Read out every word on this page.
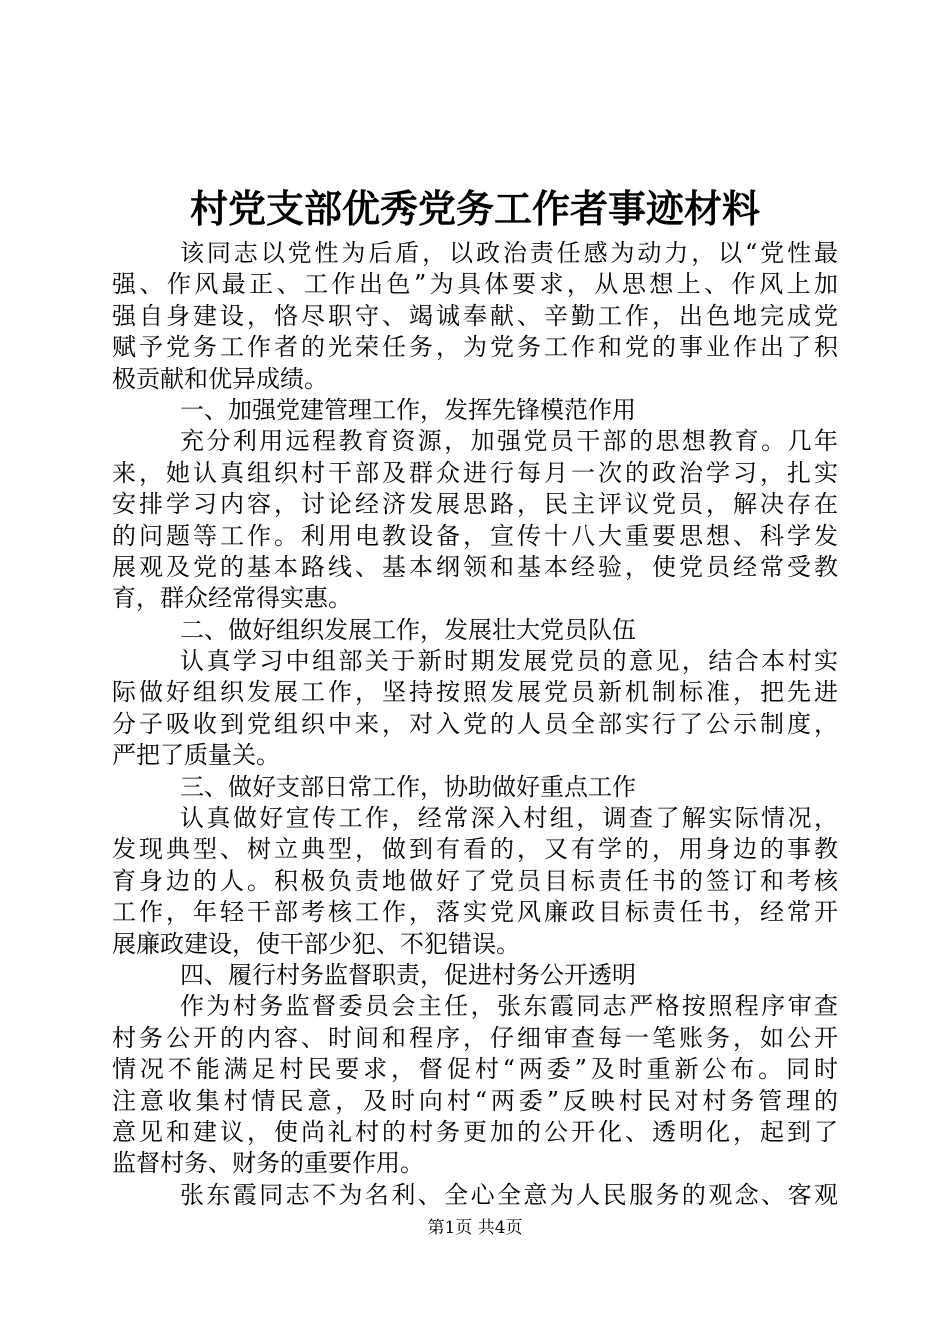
村党支部优秀党务工作者事迹材料
该同志以党性为后盾，以政治责任感为动力，以“党性最
强、作风最正、工作出色”为具体要求，从思想上、作风上加
强自身建设，恪尽职守、竭诚奉献、辛勤工作，出色地完成党
赋予党务工作者的光荣任务，为党务工作和党的事业作出了积
极贡献和优异成绩。
一、加强党建管理工作，发挥先锋模范作用
充分利用远程教育资源，加强党员干部的思想教育。几年
来，她认真组织村干部及群众进行每月一次的政治学习，扎实
安排学习内容，讨论经济发展思路，民主评议党员，解决存在
的问题等工作。利用电教设备，宣传十八大重要思想、科学发
展观及党的基本路线、基本纲领和基本经验，使党员经常受教
育，群众经常得实惠。
二、做好组织发展工作，发展壮大党员队伍
认真学习中组部关于新时期发展党员的意见，结合本村实
际做好组织发展工作，坚持按照发展党员新机制标准，把先进
分子吸收到党组织中来，对入党的人员全部实行了公示制度，
严把了质量关。
三、做好支部日常工作，协助做好重点工作
认真做好宣传工作，经常深入村组，调查了解实际情况，
发现典型、树立典型，做到有看的，又有学的，用身边的事教
育身边的人。积极负责地做好了党员目标责任书的签订和考核
工作，年轻干部考核工作，落实党风廉政目标责任书，经常开
展廉政建设，使干部少犯、不犯错误。
四、履行村务监督职责，促进村务公开透明
作为村务监督委员会主任，张东霞同志严格按照程序审查
村务公开的内容、时间和程序，仔细审查每一笔账务，如公开
情况不能满足村民要求，督促村“两委”及时重新公布。同时
注意收集村情民意，及时向村“两委”反映村民对村务管理的
意见和建议，使尚礼村的村务更加的公开化、透明化，起到了
监督村务、财务的重要作用。
张东霞同志不为名利、全心全意为人民服务的观念、客观
第1页 共4页
